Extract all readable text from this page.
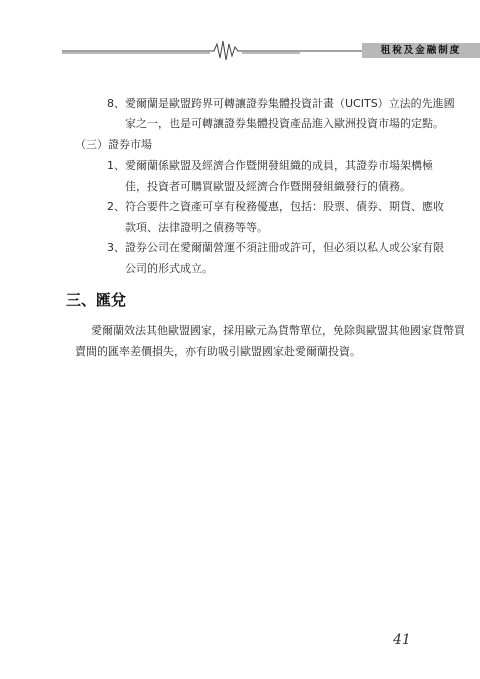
租稅及金融制度
8、愛爾蘭是歐盟跨界可轉讓證券集體投資計畫（UCITS）立法的先進國
家之一，也是可轉讓證券集體投資產品進入歐洲投資市場的定點。
（三）證券市場
1、愛爾蘭係歐盟及經濟合作暨開發組織的成員，其證券市場架構極
佳，投資者可購買歐盟及經濟合作暨開發組織發行的債務。
2、符合要件之資產可享有稅務優惠，包括：股票、債券、期貨、應收
款項、法律證明之債務等等。
3、證券公司在愛爾蘭營運不須註冊或許可，但必須以私人或公家有限
公司的形式成立。
三、匯兌
愛爾蘭效法其他歐盟國家，採用歐元為貨幣單位，免除與歐盟其他國家貨幣買
賣間的匯率差價損失，亦有助吸引歐盟國家赴愛爾蘭投資。
41
